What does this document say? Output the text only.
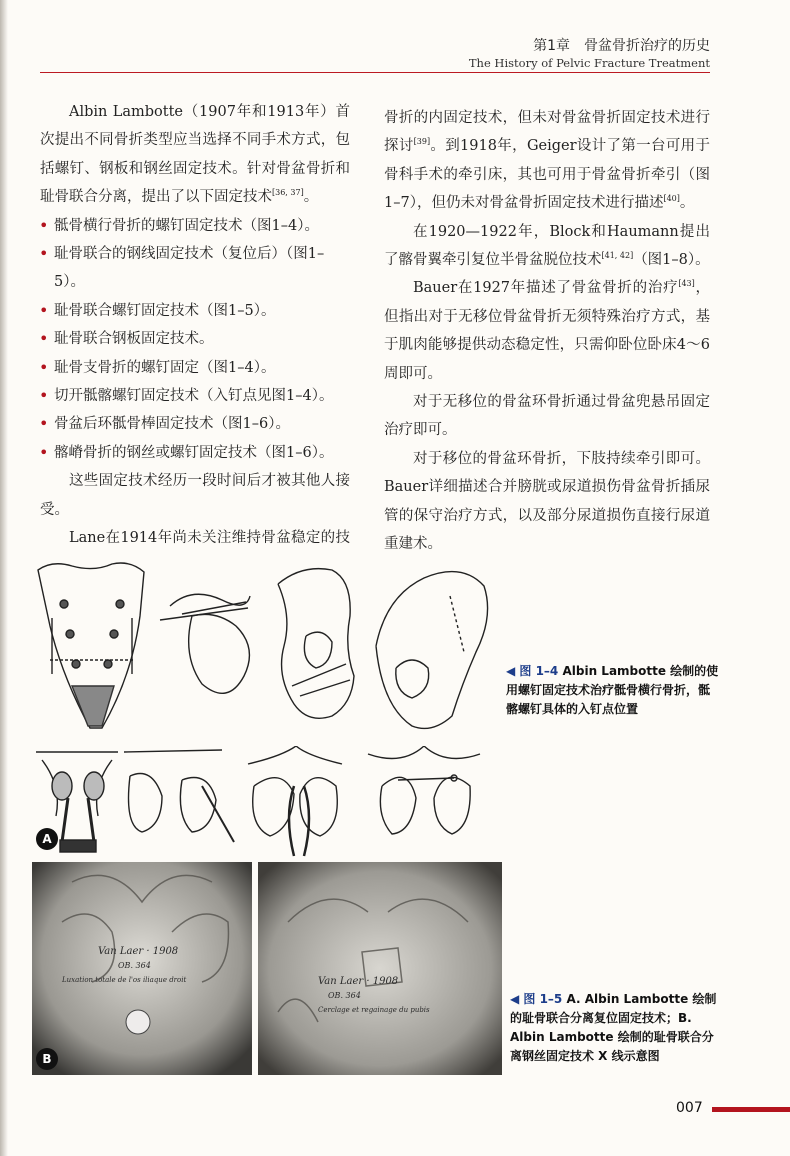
第1章　骨盆骨折治疗的历史
The History of Pelvic Fracture Treatment

Albin Lambotte（1907年和1913年）首次提出不同骨折类型应当选择不同手术方式，包括螺钉、钢板和钢丝固定技术。针对骨盆骨折和耻骨联合分离，提出了以下固定技术[36, 37]。

• 骶骨横行骨折的螺钉固定技术（图1–4）。
• 耻骨联合的钢线固定技术（复位后）（图1–5）。
• 耻骨联合螺钉固定技术（图1–5）。
• 耻骨联合钢板固定技术。
• 耻骨支骨折的螺钉固定（图1–4）。
• 切开骶髂螺钉固定技术（入钉点见图1–4）。
• 骨盆后环骶骨棒固定技术（图1–6）。
• 髂嵴骨折的钢丝或螺钉固定技术（图1–6）。

这些固定技术经历一段时间后才被其他人接受。

Lane在1914年尚未关注维持骨盆稳定的技

骨折的内固定技术，但未对骨盆骨折固定技术进行探讨[39]。到1918年，Geiger设计了第一台可用于骨科手术的牵引床，其也可用于骨盆骨折牵引（图1–7），但仍未对骨盆骨折固定技术进行描述[40]。

在1920—1922年，Block和Haumann提出了髂骨翼牵引复位半骨盆脱位技术[41, 42]（图1–8）。

Bauer在1927年描述了骨盆骨折的治疗[43]，但指出对于无移位骨盆骨折无须特殊治疗方式，基于肌肉能够提供动态稳定性，只需仰卧位卧床4～6周即可。

对于无移位的骨盆环骨折通过骨盆兜悬吊固定治疗即可。

对于移位的骨盆环骨折，下肢持续牵引即可。Bauer详细描述合并膀胱或尿道损伤骨盆骨折插尿管的保守治疗方式，以及部分尿道损伤直接行尿道重建术。

◀ 图 1–4 Albin Lambotte 绘制的使用螺钉固定技术治疗骶骨横行骨折，骶髂螺钉具体的入钉点位置
A
Van Laer · 1908
OB. 364
Luxation totale de l'os iliaque droit
B
Van Laer · 1908
OB. 364
Cerclage et regainage du pubis
◀ 图 1–5 A. Albin Lambotte 绘制的耻骨联合分离复位固定技术；B. Albin Lambotte 绘制的耻骨联合分离钢丝固定技术 X 线示意图
007
